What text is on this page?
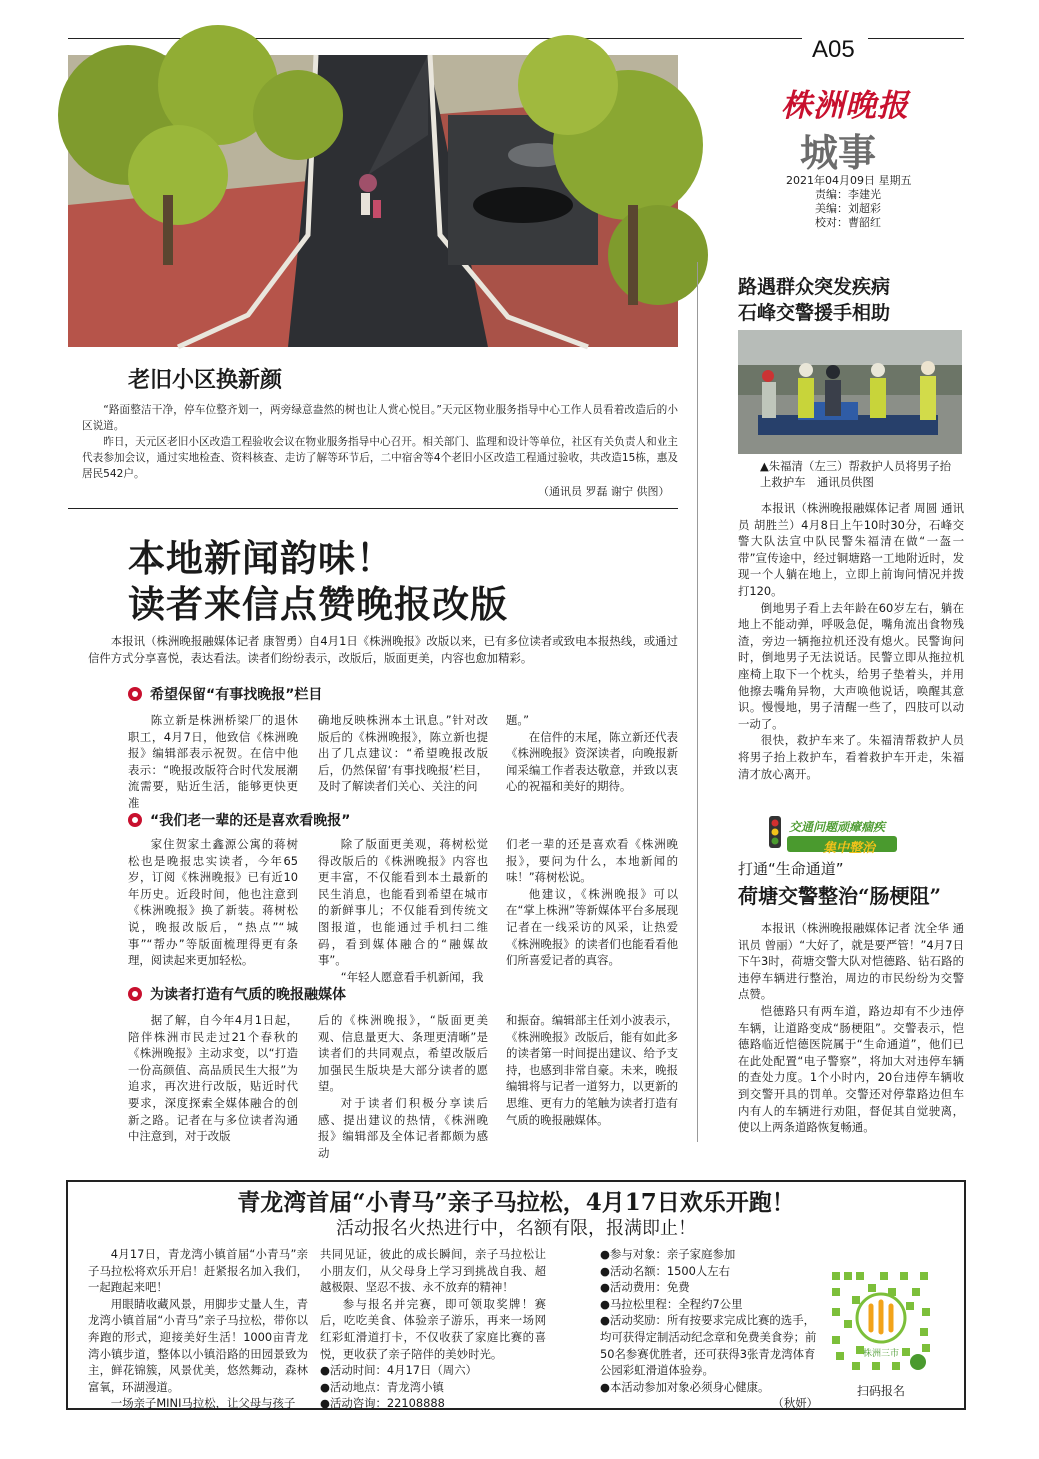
A05
株洲晚报
城事
2021年04月09日 星期五
责编：李建光
美编：刘超彩
校对：曹韶红
老旧小区换新颜

“路面整洁干净，停车位整齐划一，两旁绿意盎然的树也让人赏心悦目。”天元区物业服务指导中心工作人员看着改造后的小区说道。

昨日，天元区老旧小区改造工程验收会议在物业服务指导中心召开。相关部门、监理和设计等单位，社区有关负责人和业主代表参加会议，通过实地检查、资料核查、走访了解等环节后，二中宿舍等4个老旧小区改造工程通过验收，共改造15栋，惠及居民542户。

（通讯员 罗磊 谢宁 供图）
本地新闻韵味！
读者来信点赞晚报改版
本报讯（株洲晚报融媒体记者 康智勇）自4月1日《株洲晚报》改版以来，已有多位读者或致电本报热线，或通过信件方式分享喜悦，表达看法。读者们纷纷表示，改版后，版面更美，内容也愈加精彩。
希望保留“有事找晚报”栏目

陈立新是株洲桥梁厂的退休职工，4月7日，他致信《株洲晚报》编辑部表示祝贺。在信中他表示：“晚报改版符合时代发展潮流需要，贴近生活，能够更快更准

确地反映株洲本土讯息。”针对改版后的《株洲晚报》，陈立新也提出了几点建议：“希望晚报改版后，仍然保留‘有事找晚报’栏目，及时了解读者们关心、关注的问

题。”

在信件的末尾，陈立新还代表《株洲晚报》资深读者，向晚报新闻采编工作者表达敬意，并致以衷心的祝福和美好的期待。

“我们老一辈的还是喜欢看晚报”

家住贺家土鑫源公寓的蒋树松也是晚报忠实读者，今年65岁，订阅《株洲晚报》已有近10年历史。近段时间，他也注意到《株洲晚报》换了新装。蒋树松说，晚报改版后，“热点”“城事”“帮办”等版面梳理得更有条理，阅读起来更加轻松。

除了版面更美观，蒋树松觉得改版后的《株洲晚报》内容也更丰富，不仅能看到本土最新的民生消息，也能看到希望在城市的新鲜事儿；不仅能看到传统文图报道，也能通过手机扫二维码，看到媒体融合的“融媒故事”。

“年轻人愿意看手机新闻，我

们老一辈的还是喜欢看《株洲晚报》，要问为什么，本地新闻的味！”蒋树松说。

他建议，《株洲晚报》可以在“掌上株洲”等新媒体平台多展现记者在一线采访的风采，让热爱《株洲晚报》的读者们也能看看他们所喜爱记者的真容。

为读者打造有气质的晚报融媒体

据了解，自今年4月1日起，陪伴株洲市民走过21个春秋的《株洲晚报》主动求变，以“打造一份高颜值、高品质民生大报”为追求，再次进行改版，贴近时代要求，深度探索全媒体融合的创新之路。记者在与多位读者沟通中注意到，对于改版

后的《株洲晚报》，“版面更美观、信息量更大、条理更清晰”是读者们的共同观点，希望改版后加强民生版块是大部分读者的愿望。

对于读者们积极分享读后感、提出建议的热情，《株洲晚报》编辑部及全体记者都颇为感动

和振奋。编辑部主任刘小波表示，《株洲晚报》改版后，能有如此多的读者第一时间提出建议、给予支持，也感到非常自豪。未来，晚报编辑将与记者一道努力，以更新的思维、更有力的笔触为读者打造有气质的晚报融媒体。

路遇群众突发疾病
石峰交警援手相助
▲朱福清（左三）帮救护人员将男子抬上救护车　通讯员供图

本报讯（株洲晚报融媒体记者 周圆 通讯员 胡胜兰）4月8日上午10时30分，石峰交警大队法宣中队民警朱福清在做“一盔一带”宣传途中，经过铜塘路一工地附近时，发现一个人躺在地上，立即上前询问情况并拨打120。

倒地男子看上去年龄在60岁左右，躺在地上不能动弹，呼吸急促，嘴角流出食物残渣，旁边一辆拖拉机还没有熄火。民警询问时，倒地男子无法说话。民警立即从拖拉机座椅上取下一个枕头，给男子垫着头，并用他擦去嘴角异物，大声唤他说话，唤醒其意识。慢慢地，男子清醒一些了，四肢可以动一动了。

很快，救护车来了。朱福清帮救护人员将男子抬上救护车，看着救护车开走，朱福清才放心离开。

交通问题顽瘴痼疾
集中整治
打通“生命通道”
荷塘交警整治“肠梗阻”

本报讯（株洲晚报融媒体记者 沈全华 通讯员 曾丽）“大好了，就是要严管！”4月7日下午3时，荷塘交警大队对恺德路、钻石路的违停车辆进行整治，周边的市民纷纷为交警点赞。

恺德路只有两车道，路边却有不少违停车辆，让道路变成“肠梗阻”。交警表示，恺德路临近恺德医院属于“生命通道”，他们已在此处配置“电子警察”，将加大对违停车辆的查处力度。1个小时内，20台违停车辆收到交警开具的罚单。交警还对停靠路边但车内有人的车辆进行劝阻，督促其自觉驶离，使以上两条道路恢复畅通。

青龙湾首届“小青马”亲子马拉松，4月17日欢乐开跑！
活动报名火热进行中，名额有限，报满即止！

4月17日，青龙湾小镇首届“小青马”亲子马拉松将欢乐开启！赶紧报名加入我们，一起跑起来吧！

用眼睛收藏风景，用脚步丈量人生，青龙湾小镇首届“小青马”亲子马拉松，带你以奔跑的形式，迎接美好生活！1000亩青龙湾小镇步道，整体以小镇沿路的田园景致为主，鲜花锦簇，风景优美，悠然舞动，森林富氧，环湖漫道。

一场亲子MINI马拉松，让父母与孩子

共同见证，彼此的成长瞬间，亲子马拉松让小朋友们，从父母身上学习到挑战自我、超越极限、坚忍不拔、永不放弃的精神！

参与报名并完赛，即可领取奖牌！赛后，吃吃美食、体验亲子游乐，再来一场网红彩虹滑道打卡，不仅收获了家庭比赛的喜悦，更收获了亲子陪伴的美妙时光。

●活动时间：4月17日（周六）

●活动地点：青龙湾小镇

●活动咨询：22108888

●参与对象：亲子家庭参加

●活动名额：1500人左右

●活动费用：免费

●马拉松里程：全程约7公里

●活动奖励：所有按要求完成比赛的选手，均可获得定制活动纪念章和免费美食券；前50名参赛优胜者，还可获得3张青龙湾体育公园彩虹滑道体验券。

●本活动参加对象必须身心健康。

（秋妍）

株洲三市
扫码报名
